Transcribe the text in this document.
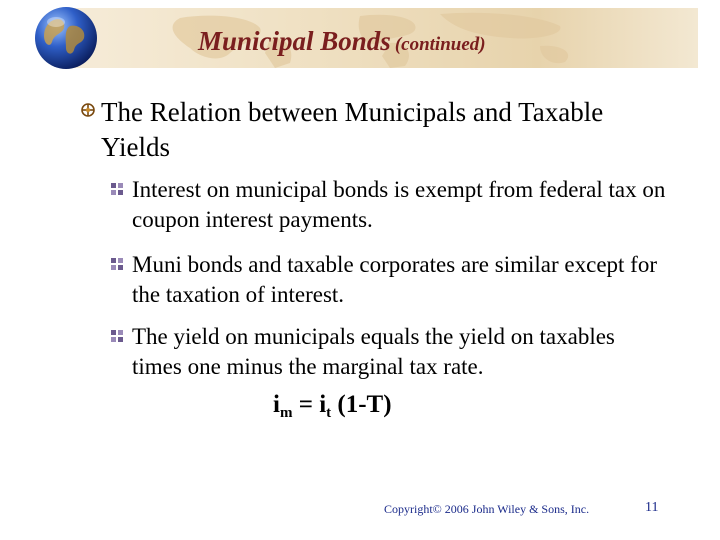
Municipal Bonds (continued)
The Relation between Municipals and Taxable Yields
Interest on municipal bonds is exempt from federal tax on coupon interest payments.
Muni bonds and taxable corporates are similar except for the taxation of interest.
The yield on municipals equals the yield on taxables times one minus the marginal tax rate.
$i_m = i_t$ (1-T)
Copyright© 2006 John Wiley & Sons, Inc.	11
